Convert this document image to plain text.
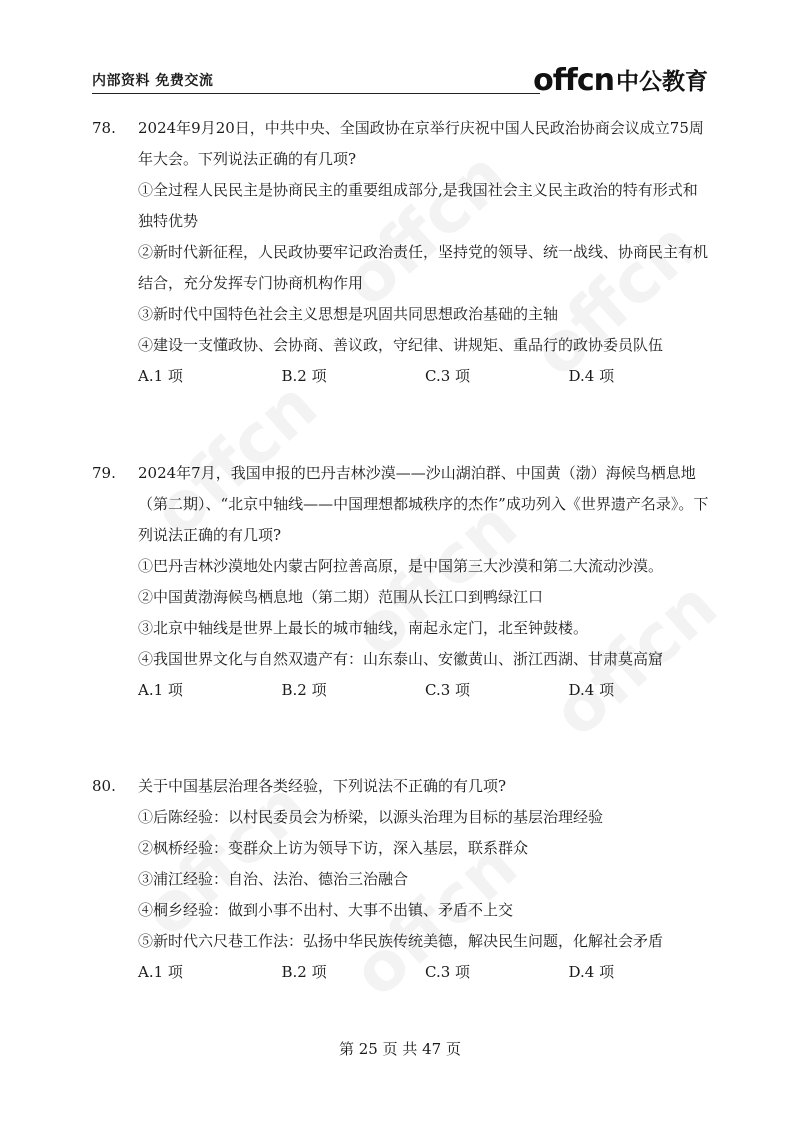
内部资料 免费交流	offcn 中公教育
78.	2024年9月20日，中共中央、全国政协在京举行庆祝中国人民政治协商会议成立75周年大会。下列说法正确的有几项?
①全过程人民民主是协商民主的重要组成部分,是我国社会主义民主政治的特有形式和独特优势
②新时代新征程，人民政协要牢记政治责任，坚持党的领导、统一战线、协商民主有机结合，充分发挥专门协商机构作用
③新时代中国特色社会主义思想是巩固共同思想政治基础的主轴
④建设一支懂政协、会协商、善议政，守纪律、讲规矩、重品行的政协委员队伍
A.1 项	B.2 项	C.3 项	D.4 项
79.	2024年7月，我国申报的巴丹吉林沙漠——沙山湖泊群、中国黄（渤）海候鸟栖息地（第二期）、“北京中轴线——中国理想都城秩序的杰作”成功列入《世界遗产名录》。下列说法正确的有几项?
①巴丹吉林沙漠地处内蒙古阿拉善高原，是中国第三大沙漠和第二大流动沙漠。
②中国黄渤海候鸟栖息地（第二期）范围从长江口到鸭绿江口
③北京中轴线是世界上最长的城市轴线，南起永定门，北至钟鼓楼。
④我国世界文化与自然双遗产有：山东泰山、安徽黄山、浙江西湖、甘肃莫高窟
A.1 项	B.2 项	C.3 项	D.4 项
80.	关于中国基层治理各类经验，下列说法不正确的有几项?
①后陈经验：以村民委员会为桥梁，以源头治理为目标的基层治理经验
②枫桥经验：变群众上访为领导下访，深入基层，联系群众
③浦江经验：自治、法治、德治三治融合
④桐乡经验：做到小事不出村、大事不出镇、矛盾不上交
⑤新时代六尺巷工作法：弘扬中华民族传统美德，解决民生问题，化解社会矛盾
A.1 项	B.2 项	C.3 项	D.4 项
第 25 页 共 47 页
